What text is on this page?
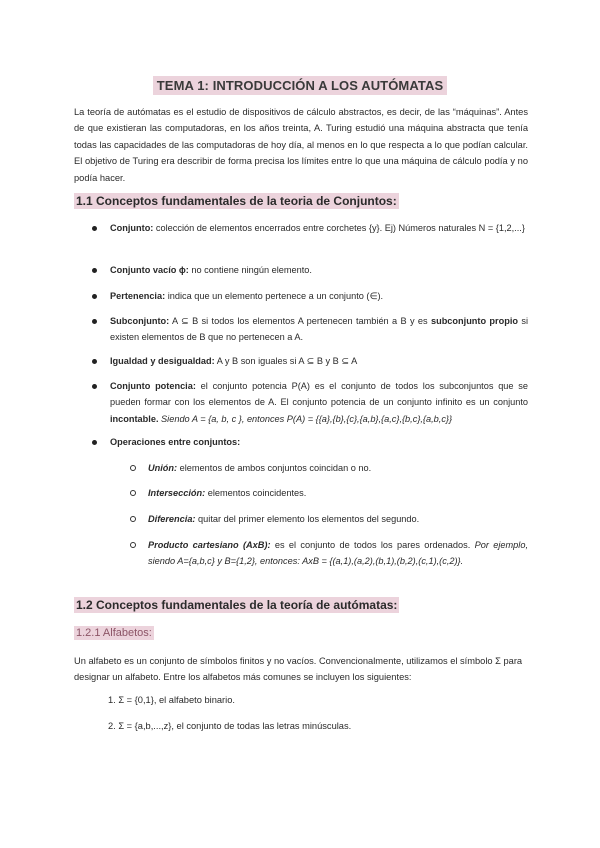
TEMA 1: INTRODUCCIÓN A LOS AUTÓMATAS
La teoría de autómatas es el estudio de dispositivos de cálculo abstractos, es decir, de las “máquinas”. Antes de que existieran las computadoras, en los años treinta, A. Turing estudió una máquina abstracta que tenía todas las capacidades de las computadoras de hoy día, al menos en lo que respecta a lo que podían calcular. El objetivo de Turing era describir de forma precisa los límites entre lo que una máquina de cálculo podía y no podía hacer.
1.1 Conceptos fundamentales de la teoria de Conjuntos:
Conjunto: colección de elementos encerrados entre corchetes {y}. Ej) Números naturales N = {1,2,...}
Conjunto vacío ϕ: no contiene ningún elemento.
Pertenencia: indica que un elemento pertenece a un conjunto (∈).
Subconjunto: A ⊆ B si todos los elementos A pertenecen también a B y es subconjunto propio si existen elementos de B que no pertenecen a A.
Igualdad y desigualdad: A y B son iguales si A ⊆ B y B ⊆ A
Conjunto potencia: el conjunto potencia P(A) es el conjunto de todos los subconjuntos que se pueden formar con los elementos de A. El conjunto potencia de un conjunto infinito es un conjunto incontable. Siendo A = {a, b, c }, entonces P(A) = {{a},{b},{c},{a,b},{a,c},{b,c},{a,b,c}}
Operaciones entre conjuntos:
Unión: elementos de ambos conjuntos coincidan o no.
Intersección: elementos coincidentes.
Diferencia: quitar del primer elemento los elementos del segundo.
Producto cartesiano (AxB): es el conjunto de todos los pares ordenados. Por ejemplo, siendo A={a,b,c} y B={1,2}, entonces: AxB = {(a,1),(a,2),(b,1),(b,2),(c,1),(c,2)}.
1.2 Conceptos fundamentales de la teoría de autómatas:
1.2.1 Alfabetos:
Un alfabeto es un conjunto de símbolos finitos y no vacíos. Convencionalmente, utilizamos el símbolo Σ para designar un alfabeto. Entre los alfabetos más comunes se incluyen los siguientes:
1. Σ = {0,1}, el alfabeto binario.
2. Σ = {a,b,...,z}, el conjunto de todas las letras minúsculas.
